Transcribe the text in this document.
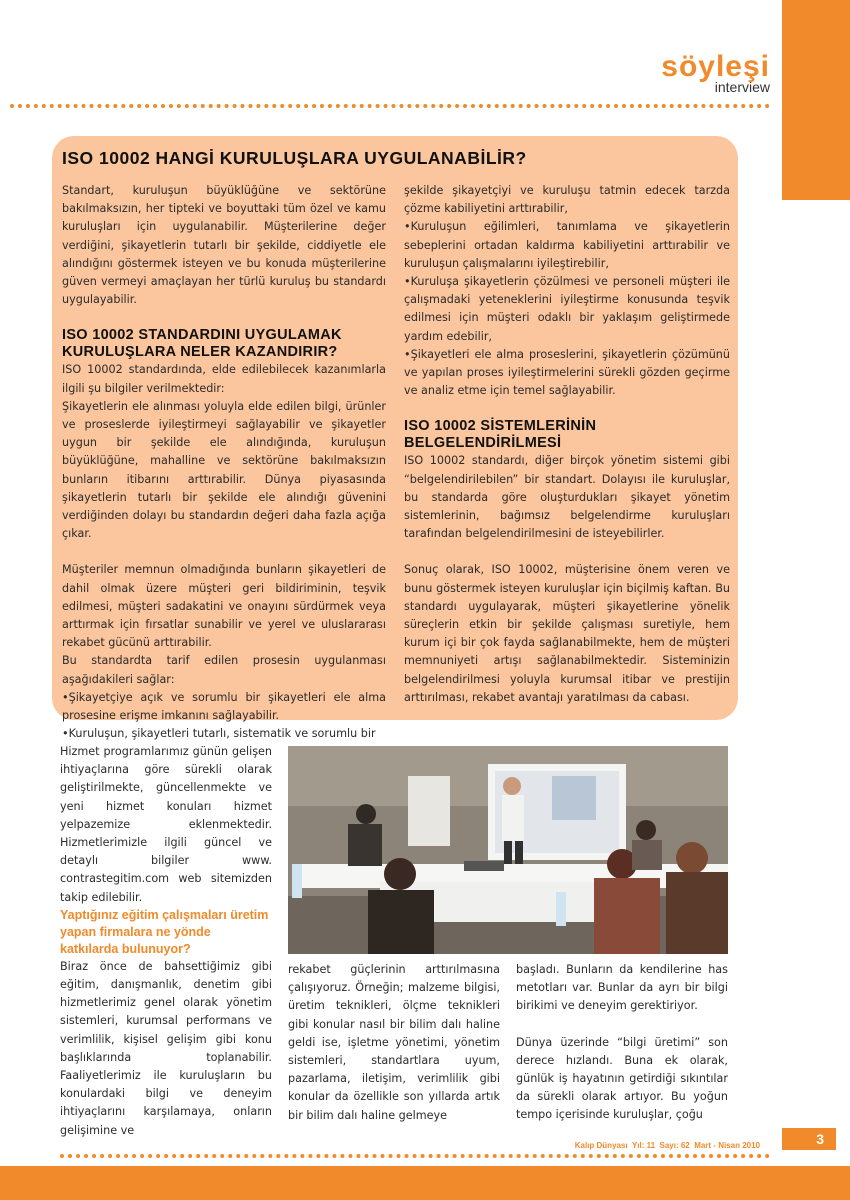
söyleşi
interview
ISO 10002 HANGİ KURULUŞLARA UYGULANABİLİR?

Standart, kuruluşun büyüklüğüne ve sektörüne bakılmaksızın, her tipteki ve boyuttaki tüm özel ve kamu kuruluşları için uygulanabilir. Müşterilerine değer verdiğini, şikayetlerin tutarlı bir şekilde, ciddiyetle ele alındığını göstermek isteyen ve bu konuda müşterilerine güven vermeyi amaçlayan her türlü kuruluş bu standardı uygulayabilir.

ISO 10002 STANDARDINI UYGULAMAK KURULUŞLARA NELER KAZANDIRIR?

ISO 10002 standardında, elde edilebilecek kazanımlarla ilgili şu bilgiler verilmektedir:

Şikayetlerin ele alınması yoluyla elde edilen bilgi, ürünler ve proseslerde iyileştirmeyi sağlayabilir ve şikayetler uygun bir şekilde ele alındığında, kuruluşun büyüklüğüne, mahalline ve sektörüne bakılmaksızın bunların itibarını arttırabilir. Dünya piyasasında şikayetlerin tutarlı bir şekilde ele alındığı güvenini verdiğinden dolayı bu standardın değeri daha fazla açığa çıkar.

Müşteriler memnun olmadığında bunların şikayetleri de dahil olmak üzere müşteri geri bildiriminin, teşvik edilmesi, müşteri sadakatini ve onayını sürdürmek veya arttırmak için fırsatlar sunabilir ve yerel ve uluslararası rekabet gücünü arttırabilir.

Bu standardta tarif edilen prosesin uygulanması aşağıdakileri sağlar:

•Şikayetçiye açık ve sorumlu bir şikayetleri ele alma prosesine erişme imkanını sağlayabilir.

•Kuruluşun, şikayetleri tutarlı, sistematik ve sorumlu bir

şekilde şikayetçiyi ve kuruluşu tatmin edecek tarzda çözme kabiliyetini arttırabilir,

•Kuruluşun eğilimleri, tanımlama ve şikayetlerin sebeplerini ortadan kaldırma kabiliyetini arttırabilir ve kuruluşun çalışmalarını iyileştirebilir,

•Kuruluşa şikayetlerin çözülmesi ve personeli müşteri ile çalışmadaki yeteneklerini iyileştirme konusunda teşvik edilmesi için müşteri odaklı bir yaklaşım geliştirmede yardım edebilir,

•Şikayetleri ele alma proseslerini, şikayetlerin çözümünü ve yapılan proses iyileştirmelerini sürekli gözden geçirme ve analiz etme için temel sağlayabilir.

ISO 10002 SİSTEMLERİNİN BELGELENDİRİLMESİ

ISO 10002 standardı, diğer birçok yönetim sistemi gibi “belgelendirilebilen” bir standart. Dolayısı ile kuruluşlar, bu standarda göre oluşturdukları şikayet yönetim sistemlerinin, bağımsız belgelendirme kuruluşları tarafından belgelendirilmesini de isteyebilirler.

Sonuç olarak, ISO 10002, müşterisine önem veren ve bunu göstermek isteyen kuruluşlar için biçilmiş kaftan. Bu standardı uygulayarak, müşteri şikayetlerine yönelik süreçlerin etkin bir şekilde çalışması suretiyle, hem kurum içi bir çok fayda sağlanabilmekte, hem de müşteri memnuniyeti artışı sağlanabilmektedir. Sisteminizin belgelendirilmesi yoluyla kurumsal itibar ve prestijin arttırılması, rekabet avantajı yaratılması da cabası.

Hizmet programlarımız günün gelişen ihtiyaçlarına göre sürekli olarak geliştirilmekte, güncellenmekte ve yeni hizmet konuları hizmet yelpazemize eklenmektedir. Hizmetlerimizle ilgili güncel ve detaylı bilgiler www. contrastegitim.com web sitemizden takip edilebilir.

Yaptığınız eğitim çalışmaları üretim yapan firmalara ne yönde katkılarda bulunuyor?

Biraz önce de bahsettiğimiz gibi eğitim, danışmanlık, denetim gibi hizmetlerimiz genel olarak yönetim sistemleri, kurumsal performans ve verimlilik, kişisel gelişim gibi konu başlıklarında toplanabilir. Faaliyetlerimiz ile kuruluşların bu konulardaki bilgi ve deneyim ihtiyaçlarını karşılamaya, onların gelişimine ve

rekabet güçlerinin arttırılmasına çalışıyoruz. Örneğin; malzeme bilgisi, üretim teknikleri, ölçme teknikleri gibi konular nasıl bir bilim dalı haline geldi ise, işletme yönetimi, yönetim sistemleri, standartlara uyum, pazarlama, iletişim, verimlilik gibi konular da özellikle son yıllarda artık bir bilim dalı haline gelmeye

başladı. Bunların da kendilerine has metotları var. Bunlar da ayrı bir bilgi birikimi ve deneyim gerektiriyor.

Dünya üzerinde “bilgi üretimi” son derece hızlandı. Buna ek olarak, günlük iş hayatının getirdiği sıkıntılar da sürekli olarak artıyor. Bu yoğun tempo içerisinde kuruluşlar, çoğu

Kalıp Dünyası  Yıl: 11  Sayı: 62  Mart - Nisan 2010	3
